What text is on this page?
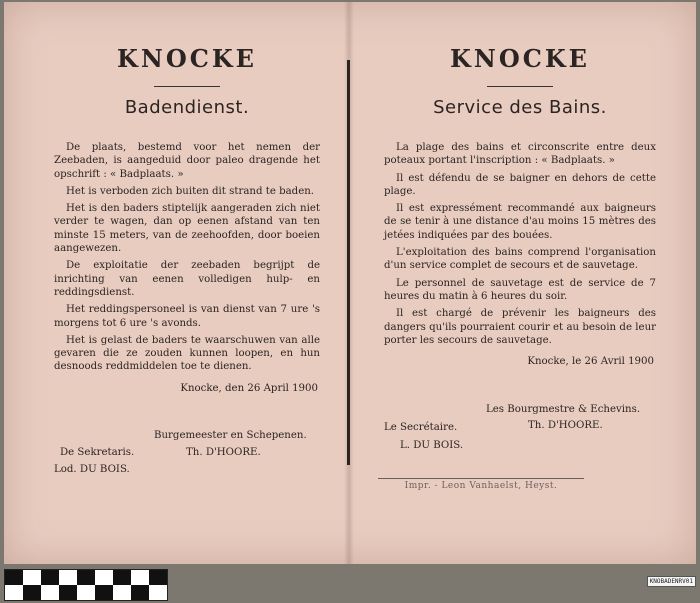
KNOCKE
Badendienst.

De plaats, bestemd voor het nemen der Zeebaden, is aangeduid door paleo dragende het opschrift : « Badplaats. »

Het is verboden zich buiten dit strand te baden.

Het is den baders stiptelijk aangeraden zich niet verder te wagen, dan op eenen afstand van ten minste 15 meters, van de zeehoofden, door boeien aangewezen.

De exploitatie der zeebaden begrijpt de inrichting van eenen volledigen hulp- en reddingsdienst.

Het reddingspersoneel is van dienst van 7 ure 's morgens tot 6 ure 's avonds.

Het is gelast de baders te waarschuwen van alle gevaren die ze zouden kunnen loopen, en hun desnoods reddmiddelen toe te dienen.

Knocke, den 26 April 1900
Burgemeester en Schepenen.
De Sekretaris.	Th. D'HOORE.
Lod. DU BOIS.
KNOCKE
Service des Bains.

La plage des bains et circonscrite entre deux poteaux portant l'inscription : « Badplaats. »

Il est défendu de se baigner en dehors de cette plage.

Il est expressément recommandé aux baigneurs de se tenir à une distance d'au moins 15 mètres des jetées indiquées par des bouées.

L'exploitation des bains comprend l'organisation d'un service complet de secours et de sauvetage.

Le personnel de sauvetage est de service de 7 heures du matin à 6 heures du soir.

Il est chargé de prévenir les baigneurs des dangers qu'ils pourraient courir et au besoin de leur porter les secours de sauvetage.

Knocke, le 26 Avril 1900
Les Bourgmestre & Echevins.
Le Secrétaire.	Th. D'HOORE.
L. DU BOIS.
Impr. - Leon Vanhaelst, Heyst.
KNOBADENRV01
